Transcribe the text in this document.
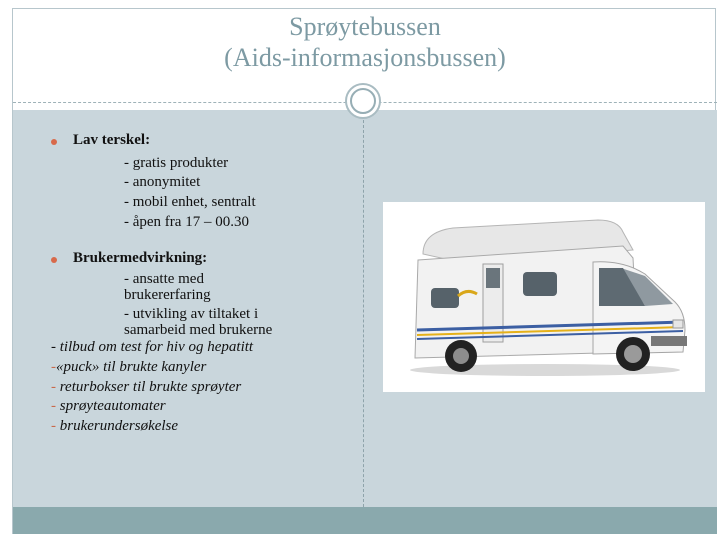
Sprøytebussen
(Aids-informasjonsbussen)
Lav terskel:
- gratis produkter
- anonymitet
- mobil enhet, sentralt
- åpen fra 17 – 00.30
Brukermedvirkning:
- ansatte med
brukererfaring
- utvikling av tiltaket i
samarbeid med brukerne
- tilbud om test for hiv og hepatitt
-«puck» til brukte kanyler
- returbokser til brukte sprøyter
- sprøyteautomater
- brukerundersøkelse
